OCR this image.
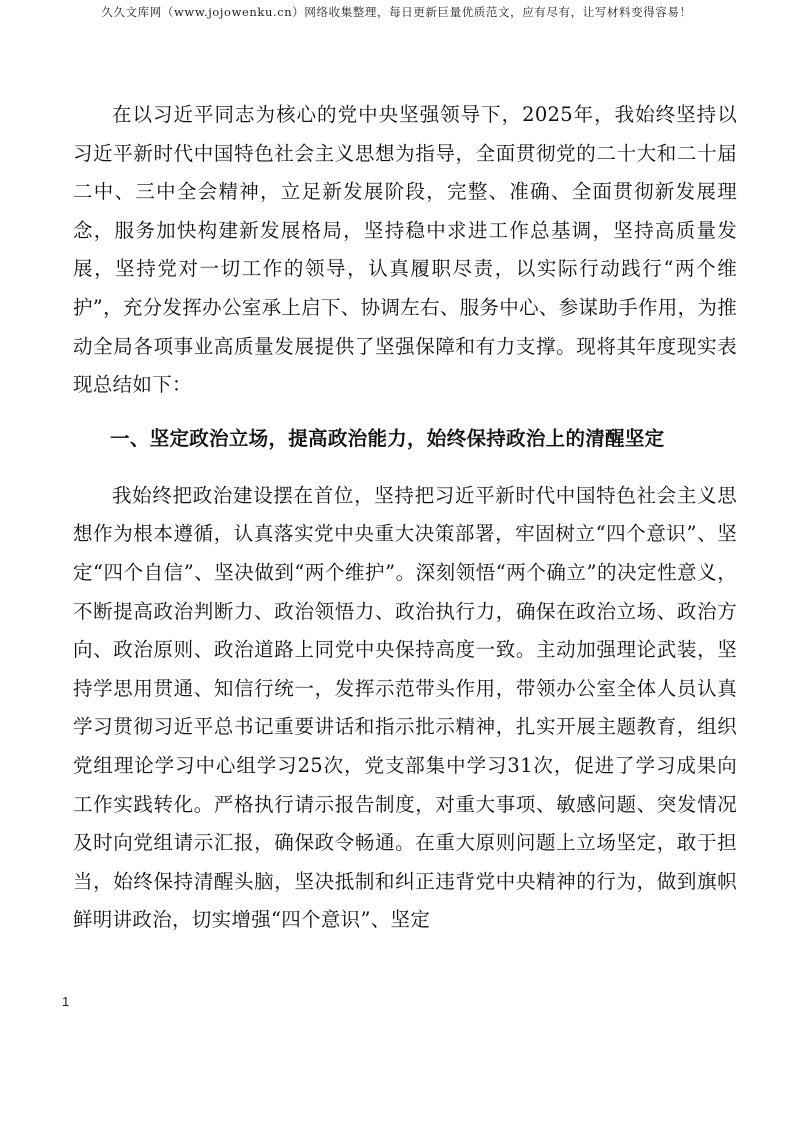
久久文库网（www.jojowenku.cn）网络收集整理，每日更新巨量优质范文，应有尽有，让写材料变得容易！

在以习近平同志为核心的党中央坚强领导下，2025年，我始终坚持以习近平新时代中国特色社会主义思想为指导，全面贯彻党的二十大和二十届二中、三中全会精神，立足新发展阶段，完整、准确、全面贯彻新发展理念，服务加快构建新发展格局，坚持稳中求进工作总基调，坚持高质量发展，坚持党对一切工作的领导，认真履职尽责，以实际行动践行“两个维护”，充分发挥办公室承上启下、协调左右、服务中心、参谋助手作用，为推动全局各项事业高质量发展提供了坚强保障和有力支撑。现将其年度现实表现总结如下：

一、坚定政治立场，提高政治能力，始终保持政治上的清醒坚定

我始终把政治建设摆在首位，坚持把习近平新时代中国特色社会主义思想作为根本遵循，认真落实党中央重大决策部署，牢固树立“四个意识”、坚定“四个自信”、坚决做到“两个维护”。深刻领悟“两个确立”的决定性意义，不断提高政治判断力、政治领悟力、政治执行力，确保在政治立场、政治方向、政治原则、政治道路上同党中央保持高度一致。主动加强理论武装，坚持学思用贯通、知信行统一，发挥示范带头作用，带领办公室全体人员认真学习贯彻习近平总书记重要讲话和指示批示精神，扎实开展主题教育，组织党组理论学习中心组学习25次，党支部集中学习31次，促进了学习成果向工作实践转化。严格执行请示报告制度，对重大事项、敏感问题、突发情况及时向党组请示汇报，确保政令畅通。在重大原则问题上立场坚定，敢于担当，始终保持清醒头脑，坚决抵制和纠正违背党中央精神的行为，做到旗帜鲜明讲政治，切实增强“四个意识”、坚定

1
